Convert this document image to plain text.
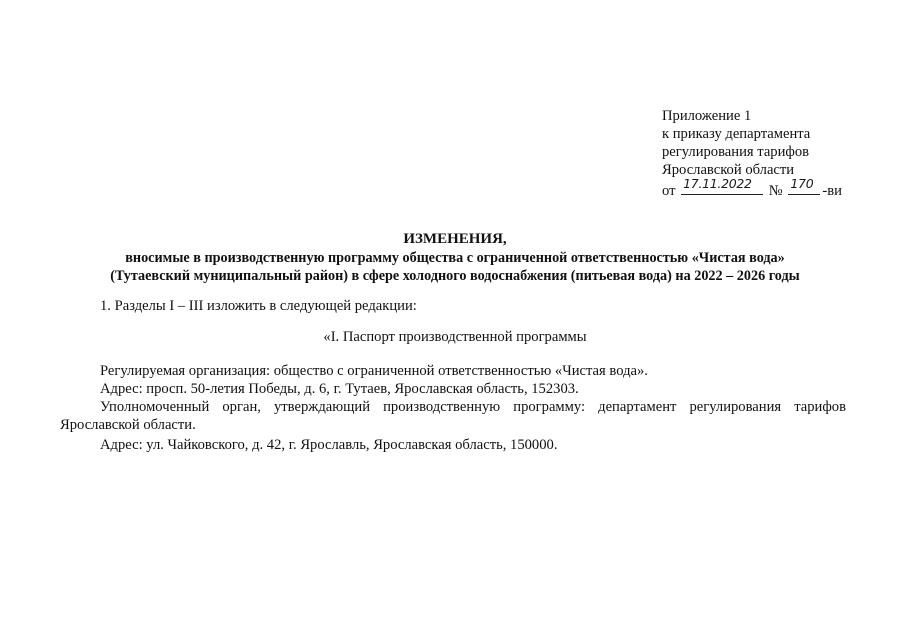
Приложение 1
к приказу департамента
регулирования тарифов
Ярославской области
от 17.11.2022 № 170 -ви
ИЗМЕНЕНИЯ,
вносимые в производственную программу общества с ограниченной ответственностью «Чистая вода»
(Тутаевский муниципальный район) в сфере холодного водоснабжения (питьевая вода) на 2022 – 2026 годы
1. Разделы I – III изложить в следующей редакции:
«I. Паспорт производственной программы
Регулируемая организация: общество с ограниченной ответственностью «Чистая вода».
Адрес: просп. 50-летия Победы, д. 6, г. Тутаев, Ярославская область, 152303.
Уполномоченный орган, утверждающий производственную программу: департамент регулирования тарифов
Ярославской области.
Адрес: ул. Чайковского, д. 42, г. Ярославль, Ярославская область, 150000.
